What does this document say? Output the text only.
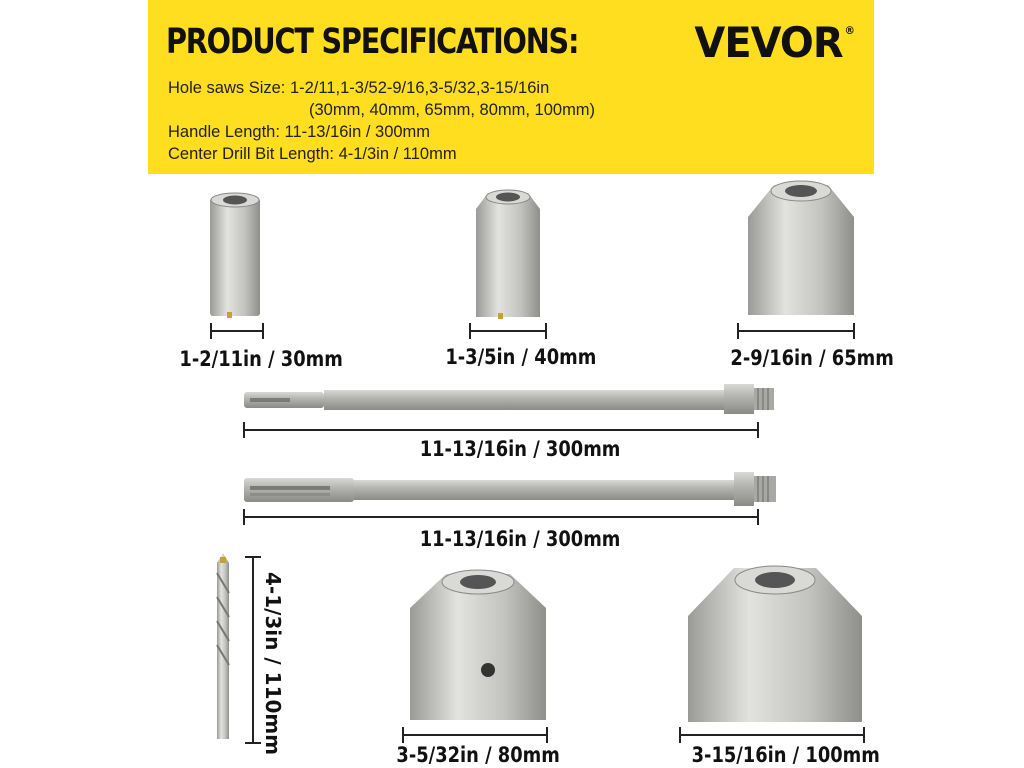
PRODUCT SPECIFICATIONS:	VEVOR ®
Hole saws Size: 1-2/11,1-3/52-9/16,3-5/32,3-15/16in
(30mm, 40mm, 65mm, 80mm, 100mm)
Handle Length: 11-13/16in / 300mm
Center Drill Bit Length: 4-1/3in / 110mm
1-2/11in / 30mm	1-3/5in / 40mm	2-9/16in / 65mm
11-13/16in / 300mm
11-13/16in / 300mm
4-1/3in / 110mm	3-5/32in / 80mm	3-15/16in / 100mm
